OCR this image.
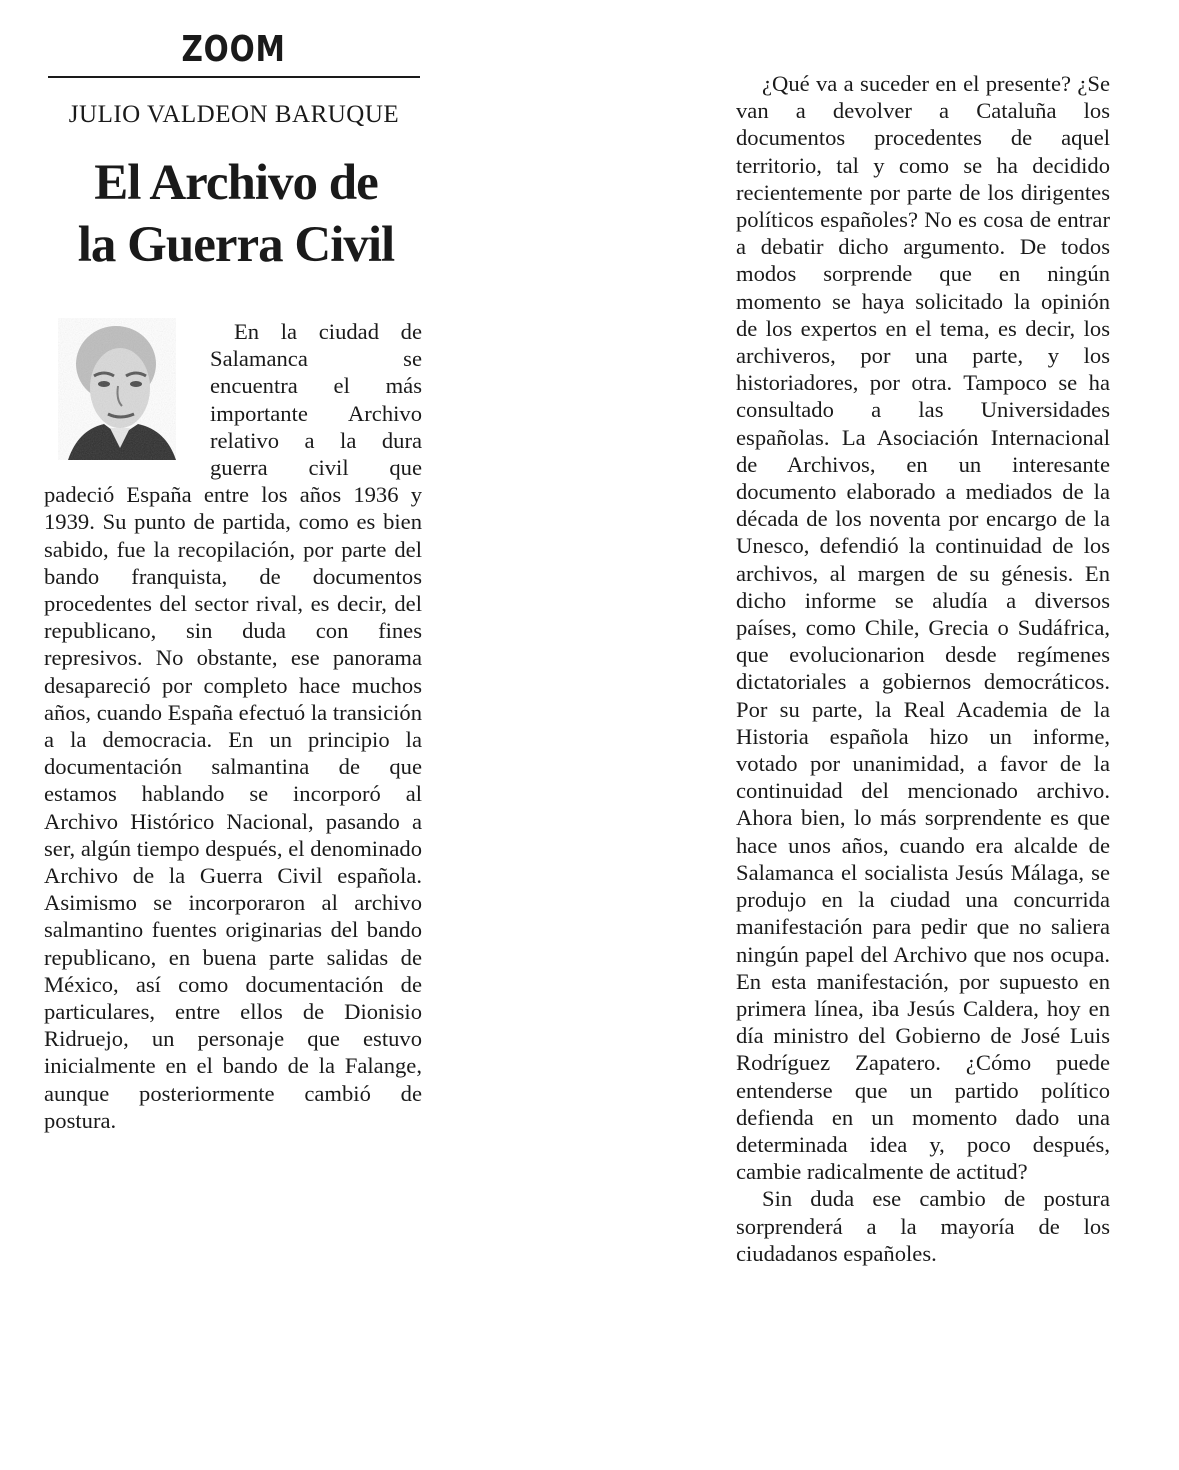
ZOOM
JULIO VALDEON BARUQUE
El Archivo de
la Guerra Civil

En la ciudad de Salamanca se encuentra el más importante Archivo relativo a la dura guerra civil que padeció España entre los años 1936 y 1939. Su punto de partida, como es bien sabido, fue la recopilación, por parte del bando franquista, de documentos procedentes del sector rival, es decir, del republicano, sin duda con fines represivos. No obstante, ese panorama desapareció por completo hace muchos años, cuando España efectuó la transición a la democracia. En un principio la documentación salmantina de que estamos hablando se incorporó al Archivo Histórico Nacional, pasando a ser, algún tiempo después, el denominado Archivo de la Guerra Civil española. Asimismo se incorporaron al archivo salmantino fuentes originarias del bando republicano, en buena parte salidas de México, así como documentación de particulares, entre ellos de Dionisio Ridruejo, un personaje que estuvo inicialmente en el bando de la Falange, aunque posteriormente cambió de postura.

¿Qué va a suceder en el presente? ¿Se van a devolver a Cataluña los documentos procedentes de aquel territorio, tal y como se ha decidido recientemente por parte de los dirigentes políticos españoles? No es cosa de entrar a debatir dicho argumento. De todos modos sorprende que en ningún momento se haya solicitado la opinión de los expertos en el tema, es decir, los archiveros, por una parte, y los historiadores, por otra. Tampoco se ha consultado a las Universidades españolas. La Asociación Internacional de Archivos, en un interesante documento elaborado a mediados de la década de los noventa por encargo de la Unesco, defendió la continuidad de los archivos, al margen de su génesis. En dicho informe se aludía a diversos países, como Chile, Grecia o Sudáfrica, que evolucionarion desde regímenes dictatoriales a gobiernos democráticos. Por su parte, la Real Academia de la Historia española hizo un informe, votado por unanimidad, a favor de la continuidad del mencionado archivo. Ahora bien, lo más sorprendente es que hace unos años, cuando era alcalde de Salamanca el socialista Jesús Málaga, se produjo en la ciudad una concurrida manifestación para pedir que no saliera ningún papel del Archivo que nos ocupa. En esta manifestación, por supuesto en primera línea, iba Jesús Caldera, hoy en día ministro del Gobierno de José Luis Rodríguez Zapatero. ¿Cómo puede entenderse que un partido político defienda en un momento dado una determinada idea y, poco después, cambie radicalmente de actitud?

Sin duda ese cambio de postura sorprenderá a la mayoría de los ciudadanos españoles.
